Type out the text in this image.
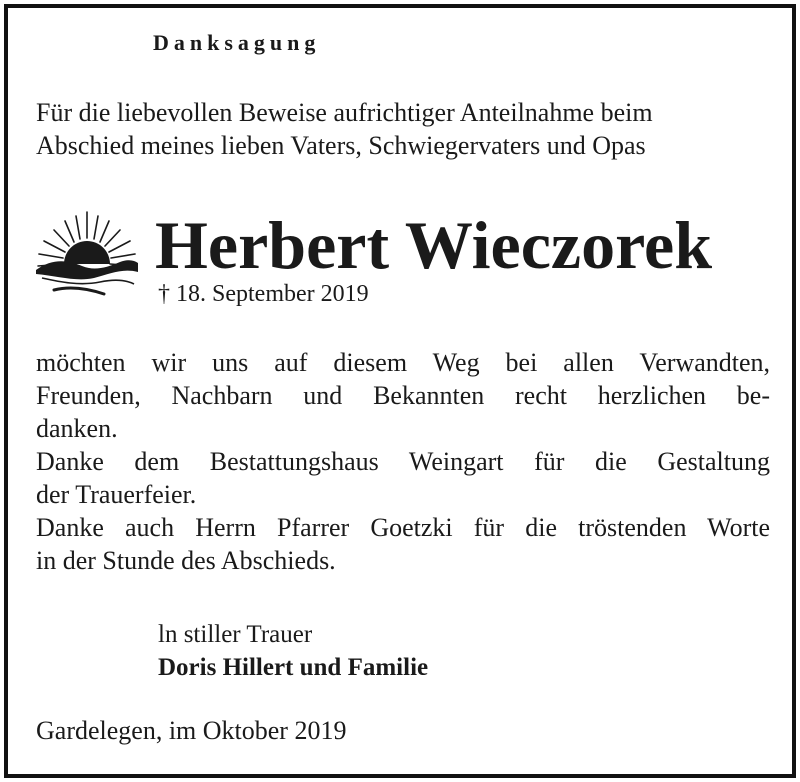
Danksagung
Für die liebevollen Beweise aufrichtiger Anteilnahme beim
Abschied meines lieben Vaters, Schwiegervaters und Opas
Herbert Wieczorek
† 18. September 2019
möchten wir uns auf diesem Weg bei allen Verwandten,
Freunden, Nachbarn und Bekannten recht herzlichen be-
danken.
Danke dem Bestattungshaus Weingart für die Gestaltung
der Trauerfeier.
Danke auch Herrn Pfarrer Goetzki für die tröstenden Worte
in der Stunde des Abschieds.
ln stiller Trauer
Doris Hillert und Familie
Gardelegen, im Oktober 2019
